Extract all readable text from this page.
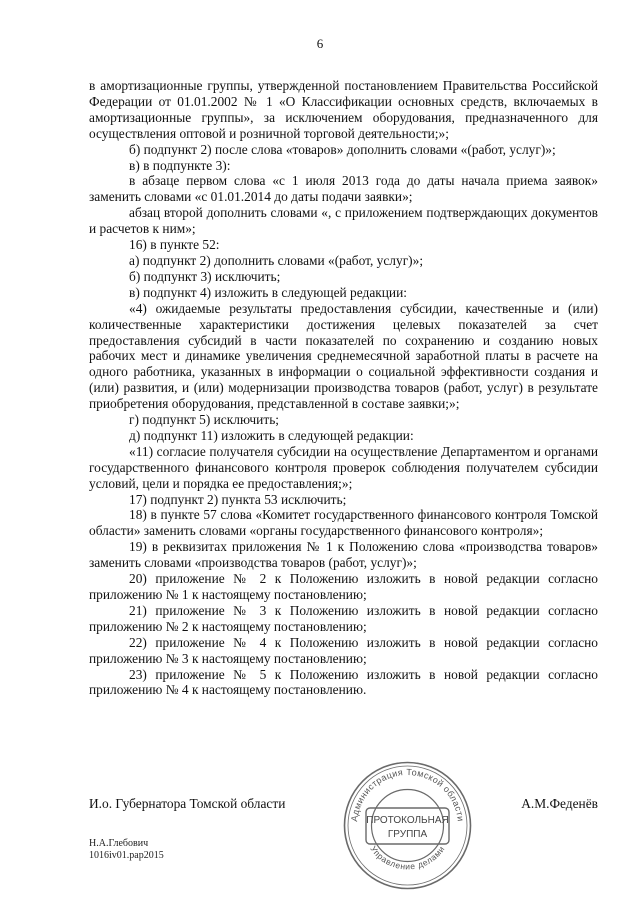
6

в амортизационные группы, утвержденной постановлением Правительства Российской Федерации от 01.01.2002 № 1 «О Классификации основных средств, включаемых в амортизационные группы», за исключением оборудования, предназначенного для осуществления оптовой и розничной торговой деятельности;»;

б) подпункт 2) после слова «товаров» дополнить словами «(работ, услуг)»;

в) в подпункте 3):

в абзаце первом слова «с 1 июля 2013 года до даты начала приема заявок» заменить словами «с 01.01.2014 до даты подачи заявки»;

абзац второй дополнить словами «, с приложением подтверждающих документов и расчетов к ним»;

16) в пункте 52:

а) подпункт 2) дополнить словами «(работ, услуг)»;

б) подпункт 3) исключить;

в) подпункт 4) изложить в следующей редакции:

«4) ожидаемые результаты предоставления субсидии, качественные и (или) количественные характеристики достижения целевых показателей за счет предоставления субсидий в части показателей по сохранению и созданию новых рабочих мест и динамике увеличения среднемесячной заработной платы в расчете на одного работника, указанных в информации о социальной эффективности создания и (или) развития, и (или) модернизации производства товаров (работ, услуг) в результате приобретения оборудования, представленной в составе заявки;»;

г) подпункт 5) исключить;

д) подпункт 11) изложить в следующей редакции:

«11) согласие получателя субсидии на осуществление Департаментом и органами государственного финансового контроля проверок соблюдения получателем субсидии условий, цели и порядка ее предоставления;»;

17) подпункт 2) пункта 53 исключить;

18) в пункте 57 слова «Комитет государственного финансового контроля Томской области» заменить словами «органы государственного финансового контроля»;

19) в реквизитах приложения № 1 к Положению слова «производства товаров» заменить словами «производства товаров (работ, услуг)»;

20) приложение № 2 к Положению изложить в новой редакции согласно приложению № 1 к настоящему постановлению;

21) приложение № 3 к Положению изложить в новой редакции согласно приложению № 2 к настоящему постановлению;

22) приложение № 4 к Положению изложить в новой редакции согласно приложению № 3 к настоящему постановлению;

23) приложение № 5 к Положению изложить в новой редакции согласно приложению № 4 к настоящему постановлению.

И.о. Губернатора Томской области	А.М.Феденёв
Администрация Томской области
Управление делами
ПРОТОКОЛЬНАЯ
ГРУППА
Н.А.Глебович
1016iv01.pap2015
